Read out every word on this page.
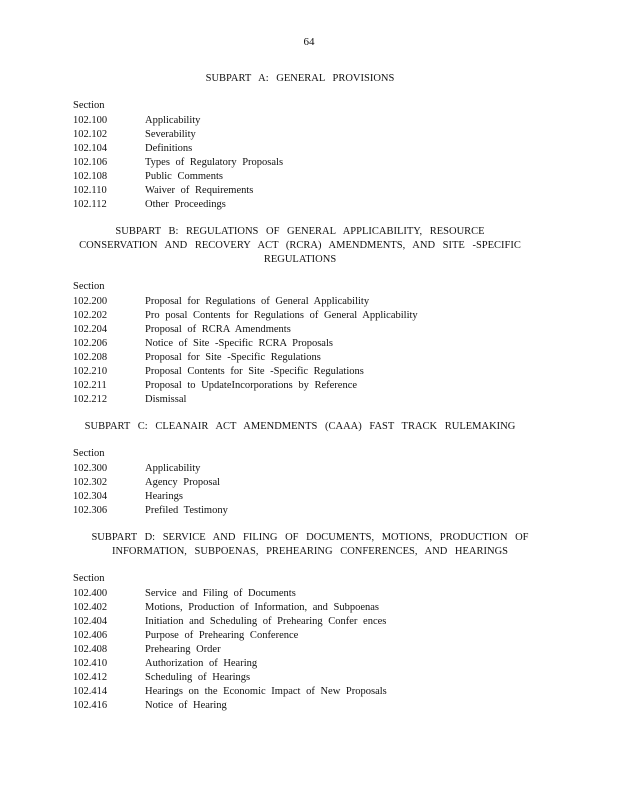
64
SUBPART A: GENERAL PROVISIONS
Section
102.100	Applicability
102.102	Severability
102.104	Definitions
102.106	Types of Regulatory Proposals
102.108	Public Comments
102.110	Waiver of Requirements
102.112	Other Proceedings
SUBPART B: REGULATIONS OF GENERAL APPLICABILITY, RESOURCE
CONSERVATION AND RECOVERY ACT (RCRA) AMENDMENTS, AND SITE -SPECIFIC
REGULATIONS
Section
102.200	Proposal for Regulations of General Applicability
102.202	Pro posal Contents for Regulations of General Applicability
102.204	Proposal of RCRA Amendments
102.206	Notice of Site -Specific RCRA Proposals
102.208	Proposal for Site -Specific Regulations
102.210	Proposal Contents for Site -Specific Regulations
102.211	Proposal to UpdateIncorporations by Reference
102.212	Dismissal
SUBPART C: CLEANAIR ACT AMENDMENTS (CAAA) FAST TRACK RULEMAKING
Section
102.300	Applicability
102.302	Agency Proposal
102.304	Hearings
102.306	Prefiled Testimony
SUBPART D: SERVICE AND FILING OF DOCUMENTS, MOTIONS, PRODUCTION OF
INFORMATION, SUBPOENAS, PREHEARING CONFERENCES, AND HEARINGS
Section
102.400	Service and Filing of Documents
102.402	Motions, Production of Information, and Subpoenas
102.404	Initiation and Scheduling of Prehearing Confer ences
102.406	Purpose of Prehearing Conference
102.408	Prehearing Order
102.410	Authorization of Hearing
102.412	Scheduling of Hearings
102.414	Hearings on the Economic Impact of New Proposals
102.416	Notice of Hearing
